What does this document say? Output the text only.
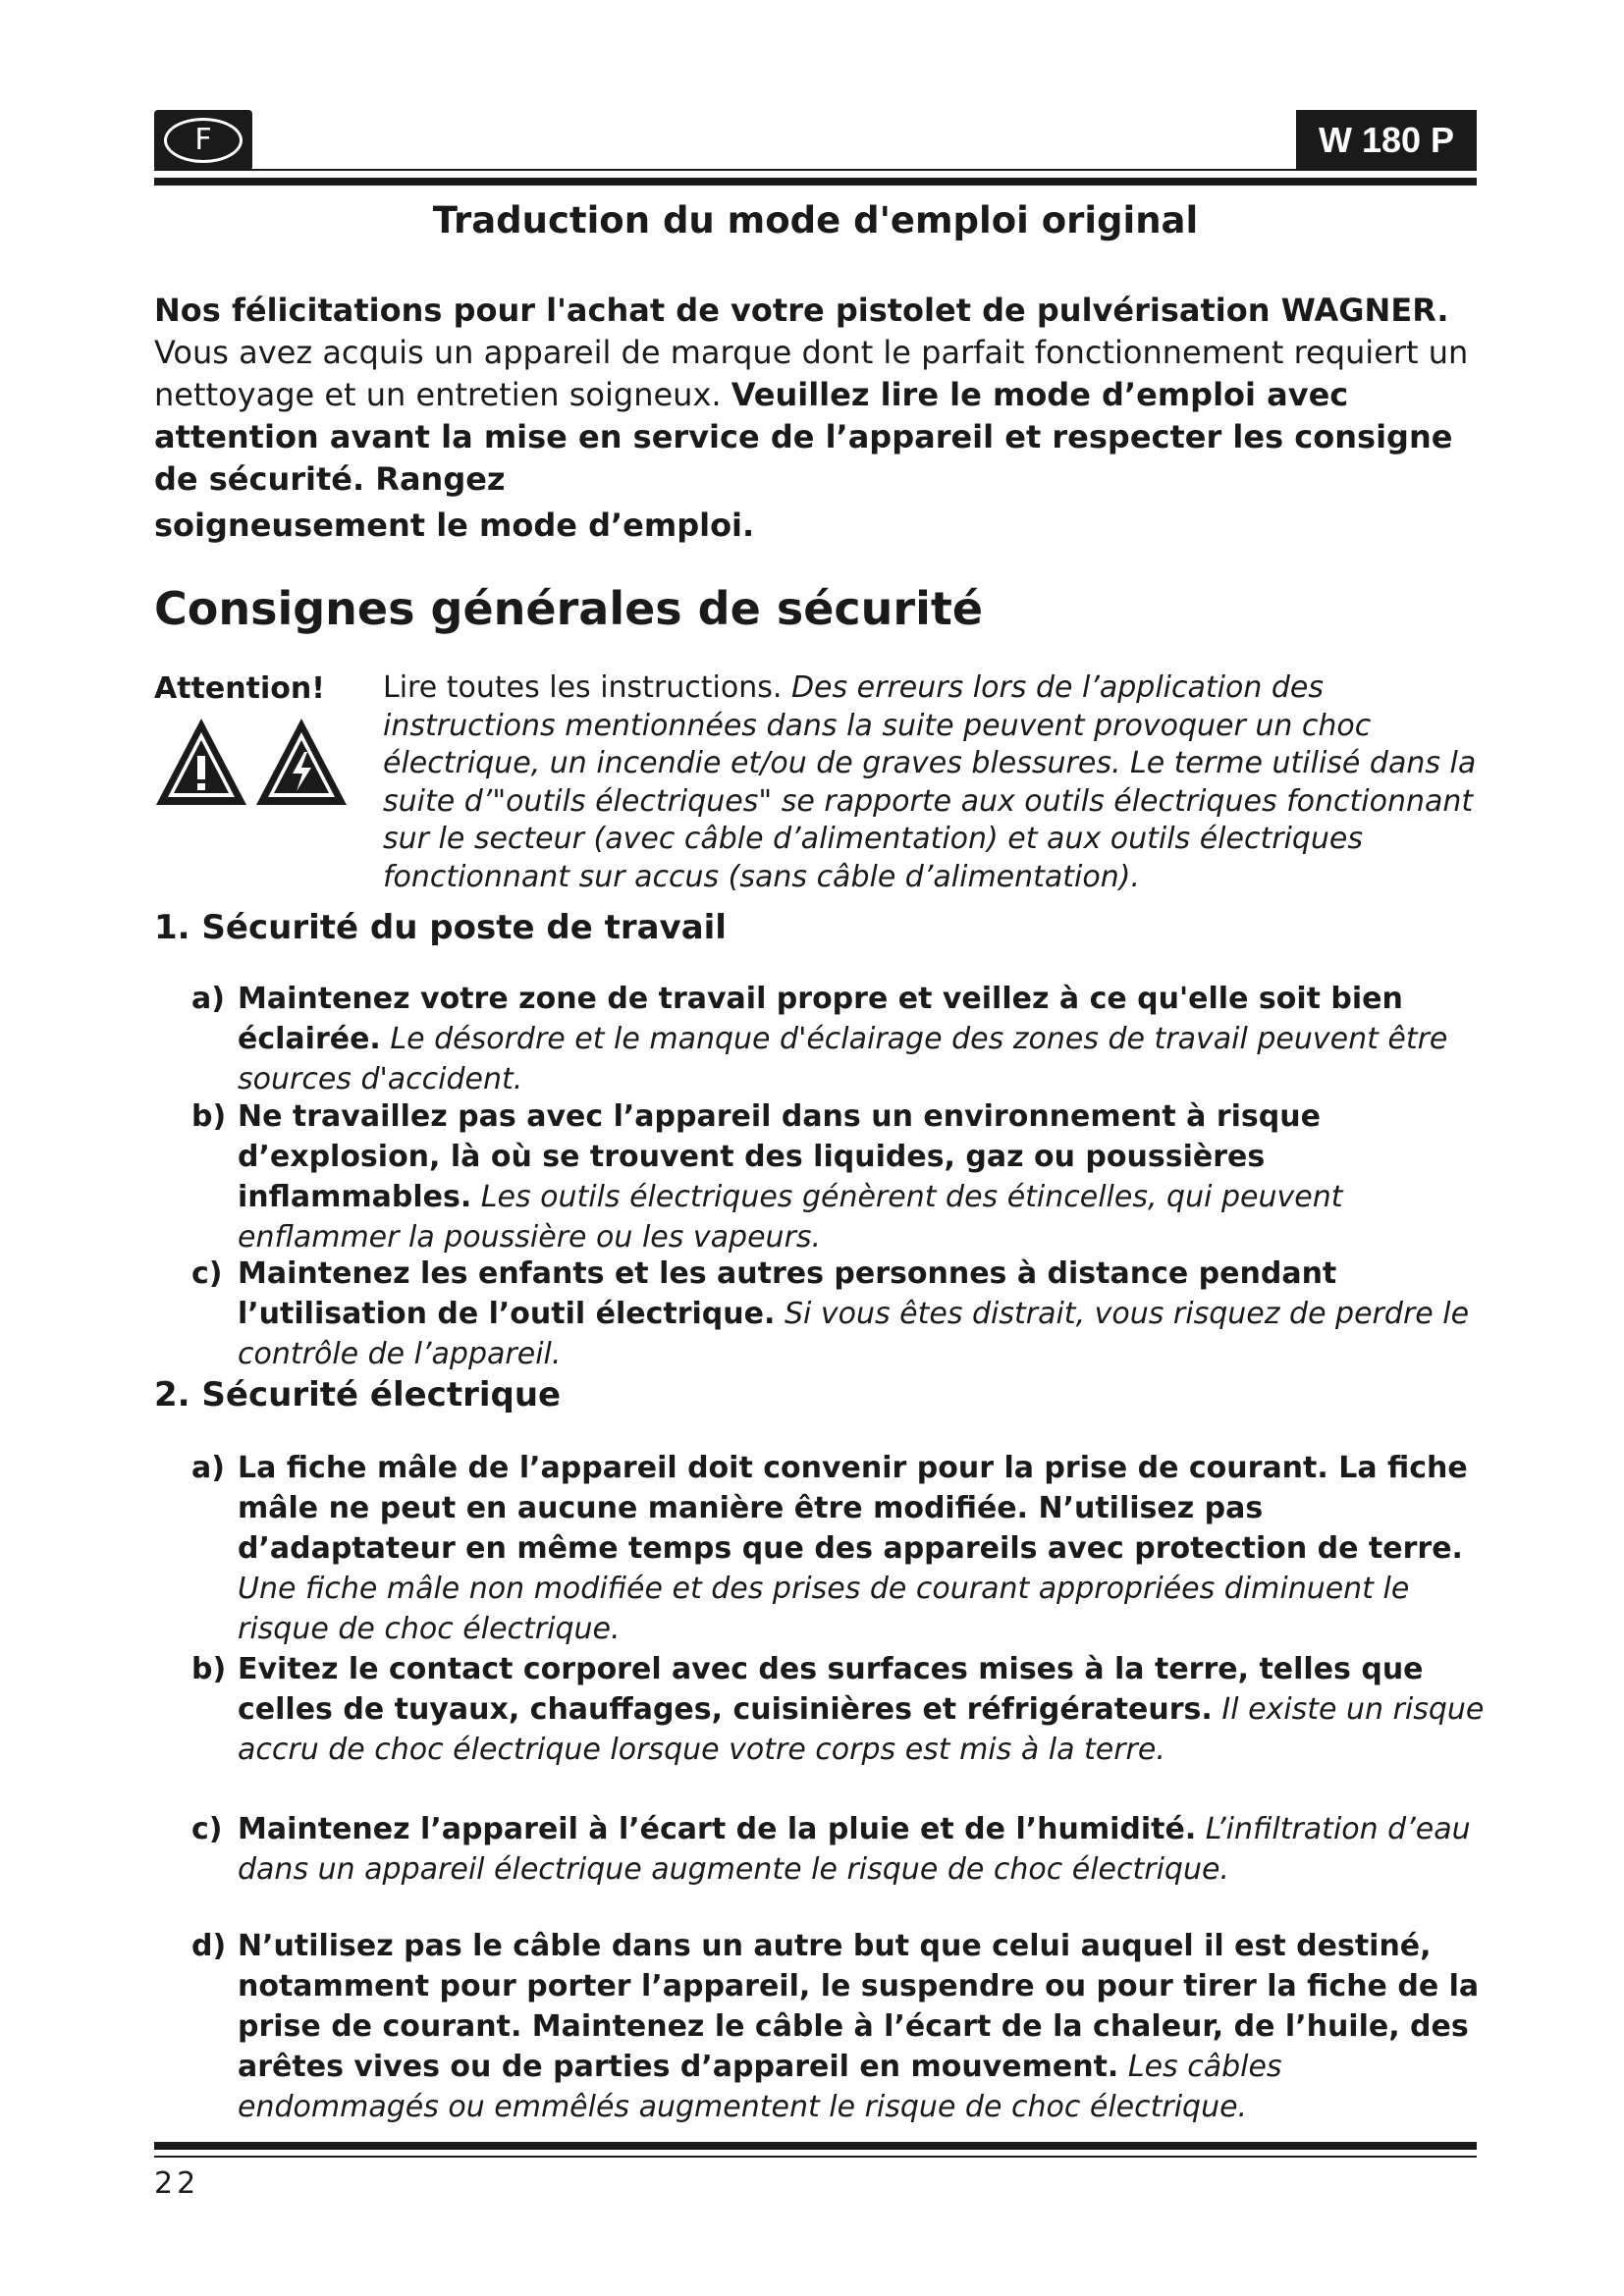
F	W 180 P
Traduction du mode d'emploi original

Nos félicitations pour l'achat de votre pistolet de pulvérisation WAGNER.

Vous avez acquis un appareil de marque dont le parfait fonctionnement requiert un nettoyage et un entretien soigneux. Veuillez lire le mode d’emploi avec attention avant la mise en service de l’appareil et respecter les consigne de sécurité. Rangez

soigneusement le mode d’emploi.

Consignes générales de sécurité
Attention! Lire toutes les instructions. Des erreurs lors de l’application des instructions mentionnées dans la suite peuvent provoquer un choc électrique, un incendie et/ou de graves blessures. Le terme utilisé dans la suite d’"outils électriques" se rapporte aux outils électriques fonctionnant sur le secteur (avec câble d’alimentation) et aux outils électriques fonctionnant sur accus (sans câble d’alimentation).
1. Sécurité du poste de travail
a) Maintenez votre zone de travail propre et veillez à ce qu'elle soit bien éclairée. Le désordre et le manque d'éclairage des zones de travail peuvent être sources d'accident.
b) Ne travaillez pas avec l’appareil dans un environnement à risque d’explosion, là où se trouvent des liquides, gaz ou poussières inflammables. Les outils électriques génèrent des étincelles, qui peuvent enflammer la poussière ou les vapeurs.
c) Maintenez les enfants et les autres personnes à distance pendant l’utilisation de l’outil électrique. Si vous êtes distrait, vous risquez de perdre le contrôle de l’appareil.
2. Sécurité électrique
a) La fiche mâle de l’appareil doit convenir pour la prise de courant. La fiche mâle ne peut en aucune manière être modifiée. N’utilisez pas d’adaptateur en même temps que des appareils avec protection de terre. Une fiche mâle non modifiée et des prises de courant appropriées diminuent le risque de choc électrique.
b) Evitez le contact corporel avec des surfaces mises à la terre, telles que celles de tuyaux, chauffages, cuisinières et réfrigérateurs. Il existe un risque accru de choc électrique lorsque votre corps est mis à la terre.
c) Maintenez l’appareil à l’écart de la pluie et de l’humidité. L’infiltration d’eau dans un appareil électrique augmente le risque de choc électrique.
d) N’utilisez pas le câble dans un autre but que celui auquel il est destiné, notamment pour porter l’appareil, le suspendre ou pour tirer la fiche de la prise de courant. Maintenez le câble à l’écart de la chaleur, de l’huile, des arêtes vives ou de parties d’appareil en mouvement. Les câbles endommagés ou emmêlés augmentent le risque de choc électrique.
22
